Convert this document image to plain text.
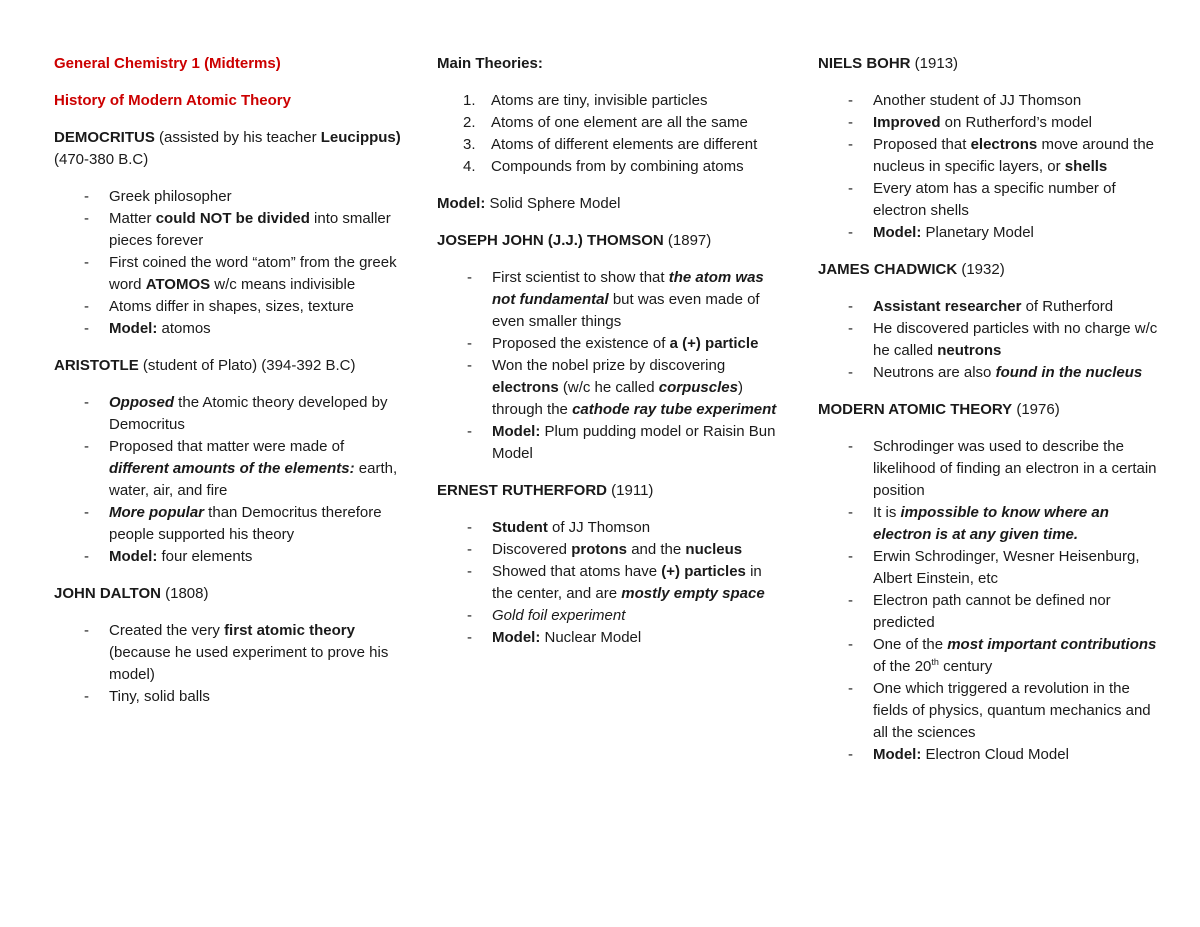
General Chemistry 1 (Midterms)

History of Modern Atomic Theory

DEMOCRITUS (assisted by his teacher Leucippus) (470-380 B.C)

- Greek philosopher
- Matter could NOT be divided into smaller pieces forever
- First coined the word “atom” from the greek word ATOMOS w/c means indivisible
- Atoms differ in shapes, sizes, texture
- Model: atomos

ARISTOTLE (student of Plato) (394-392 B.C)

- Opposed the Atomic theory developed by Democritus
- Proposed that matter were made of different amounts of the elements: earth, water, air, and fire
- More popular than Democritus therefore people supported his theory
- Model: four elements

JOHN DALTON (1808)

- Created the very first atomic theory (because he used experiment to prove his model)
- Tiny, solid balls

Main Theories:

1. Atoms are tiny, invisible particles
2. Atoms of one element are all the same
3. Atoms of different elements are different
4. Compounds from by combining atoms

Model: Solid Sphere Model

JOSEPH JOHN (J.J.) THOMSON (1897)

- First scientist to show that the atom was not fundamental but was even made of even smaller things
- Proposed the existence of a (+) particle
- Won the nobel prize by discovering electrons (w/c he called corpuscles) through the cathode ray tube experiment
- Model: Plum pudding model or Raisin Bun Model

ERNEST RUTHERFORD (1911)

- Student of JJ Thomson
- Discovered protons and the nucleus
- Showed that atoms have (+) particles in the center, and are mostly empty space
- Gold foil experiment
- Model: Nuclear Model

NIELS BOHR (1913)

- Another student of JJ Thomson
- Improved on Rutherford’s model
- Proposed that electrons move around the nucleus in specific layers, or shells
- Every atom has a specific number of electron shells
- Model: Planetary Model

JAMES CHADWICK (1932)

- Assistant researcher of Rutherford
- He discovered particles with no charge w/c he called neutrons
- Neutrons are also found in the nucleus

MODERN ATOMIC THEORY (1976)

- Schrodinger was used to describe the likelihood of finding an electron in a certain position
- It is impossible to know where an electron is at any given time.
- Erwin Schrodinger, Wesner Heisenburg, Albert Einstein, etc
- Electron path cannot be defined nor predicted
- One of the most important contributions of the 20th century
- One which triggered a revolution in the fields of physics, quantum mechanics and all the sciences
- Model: Electron Cloud Model
